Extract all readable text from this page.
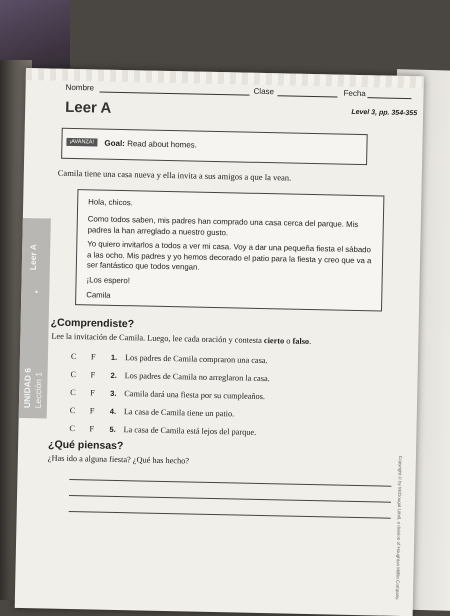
Nombre	Clase	Fecha
Leer A	Level 3, pp. 354-355
¡AVANZA!	Goal: Read about homes.
Camila tiene una casa nueva y ella invita a sus amigos a que la vean.

Hola, chicos.

Como todos saben, mis padres han comprado una casa cerca del parque. Mis padres la han arreglado a nuestro gusto.

Yo quiero invitarlos a todos a ver mi casa. Voy a dar una pequeña fiesta el sábado a las ocho. Mis padres y yo hemos decorado el patio para la fiesta y creo que va a ser fantástico que todos vengan.

¡Los espero!

Camila

Leer A
•
UNIDAD 6 Lección 1
¿Comprendiste?
Lee la invitación de Camila. Luego, lee cada oración y contesta cierto o falso.
C F 1. Los padres de Camila compraron una casa.
C F 2. Los padres de Camila no arreglaron la casa.
C F 3. Camila dará una fiesta por su cumpleaños.
C F 4. La casa de Camila tiene un patio.
C F 5. La casa de Camila está lejos del parque.
¿Qué piensas?
¿Has ido a alguna fiesta? ¿Qué has hecho?	Copyright © by McDougal Littell, a division of Houghton Mifflin Company.
